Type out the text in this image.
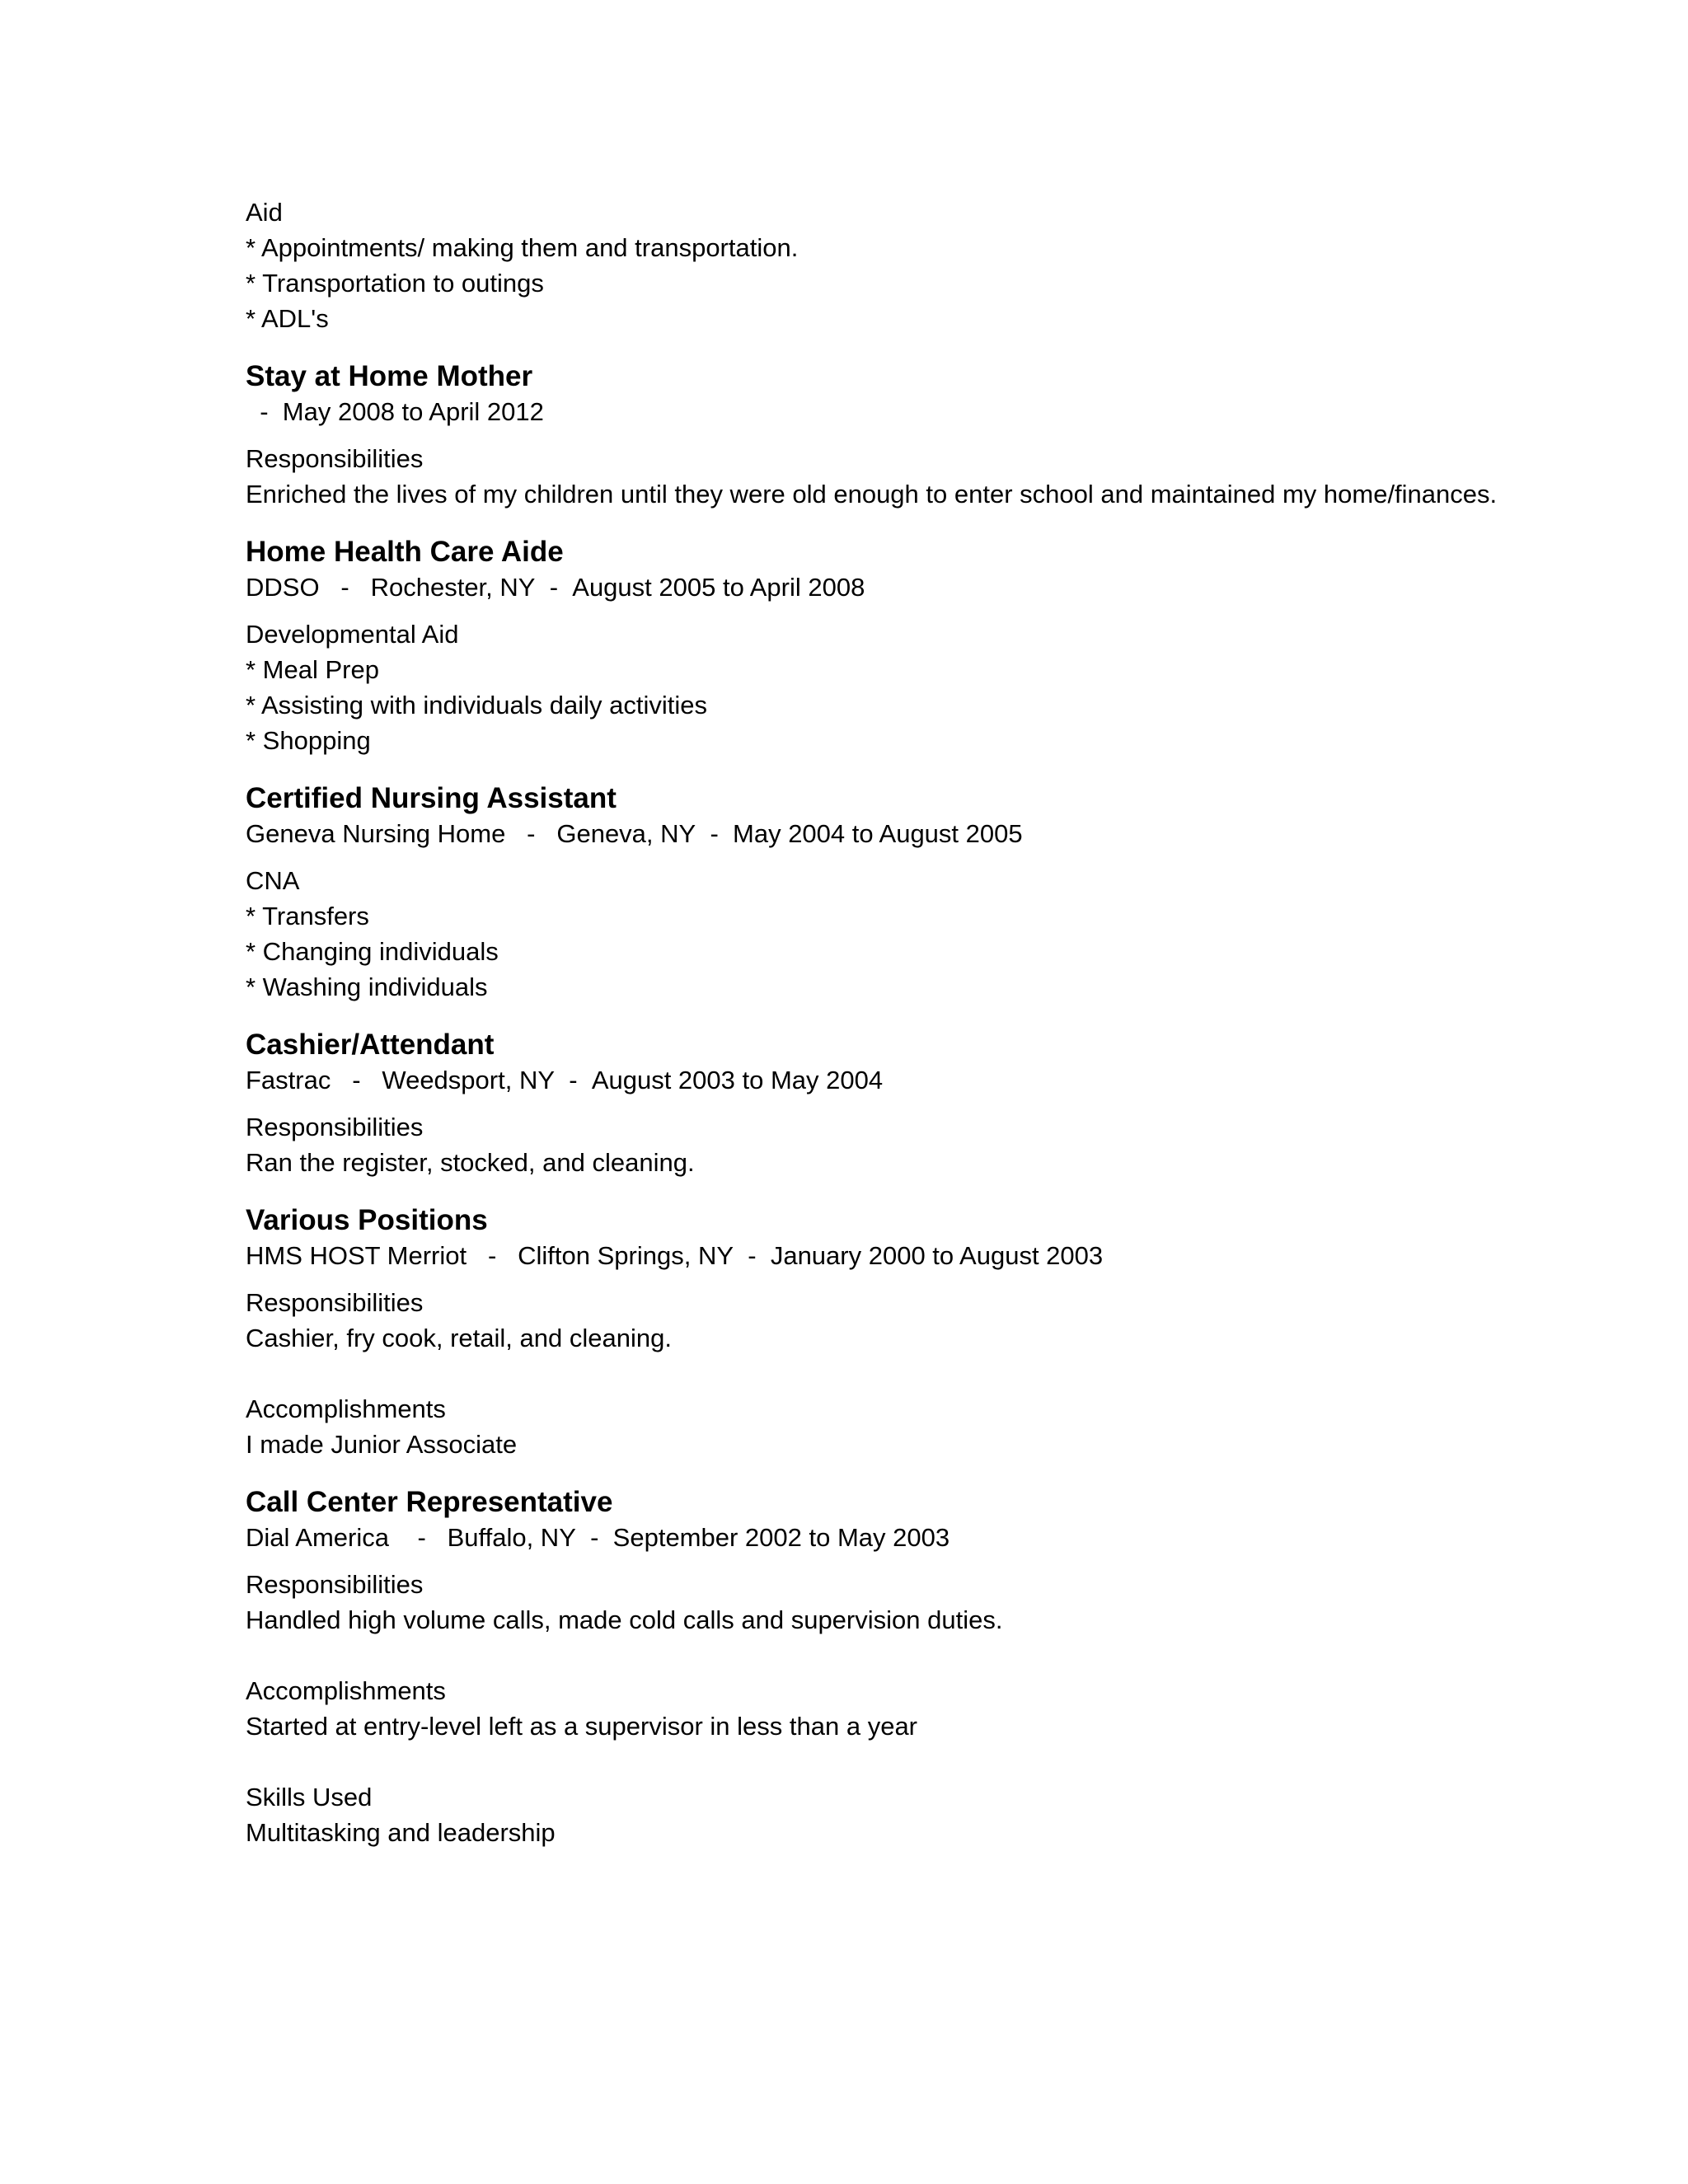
Aid
* Appointments/ making them and transportation.
* Transportation to outings
* ADL's
Stay at Home Mother

-
May 2008 to April 2012
Responsibilities
Enriched the lives of my children until they were old enough to enter school and maintained my home/finances.
Home Health Care Aide
DDSO
-
Rochester, NY
-
August 2005 to April 2008
Developmental Aid
* Meal Prep
* Assisting with individuals daily activities
* Shopping
Certified Nursing Assistant
Geneva Nursing Home
-
Geneva, NY
-
May 2004 to August 2005
CNA
* Transfers
* Changing individuals
* Washing individuals
Cashier/Attendant
Fastrac
-
Weedsport, NY
-
August 2003 to May 2004
Responsibilities
Ran the register, stocked, and cleaning.
Various Positions
HMS HOST Merriot
-
Clifton Springs, NY
-
January 2000 to August 2003
Responsibilities
Cashier, fry cook, retail, and cleaning.
Accomplishments
I made Junior Associate
Call Center Representative
Dial America
-
Buffalo, NY
-
September 2002 to May 2003
Responsibilities
Handled high volume calls, made cold calls and supervision duties.
Accomplishments
Started at entry-level left as a supervisor in less than a year
Skills Used
Multitasking and leadership
